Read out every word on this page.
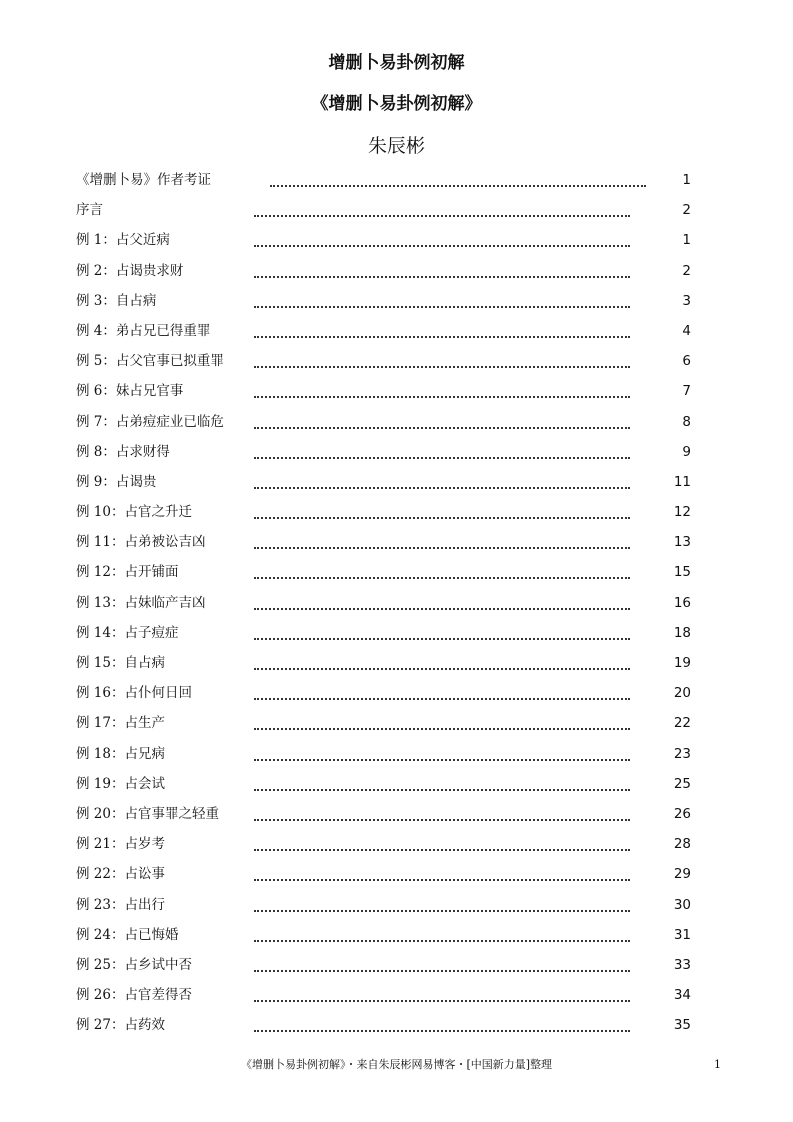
增删卜易卦例初解
《增删卜易卦例初解》
朱辰彬
《增删卜易》作者考证	1
序言	2
例 1：占父近病	1
例 2：占谒贵求财	2
例 3：自占病	3
例 4：弟占兄已得重罪	4
例 5：占父官事已拟重罪	6
例 6：妹占兄官事	7
例 7：占弟痘症业已临危	8
例 8：占求财得	9
例 9：占谒贵	11
例 10：占官之升迁	12
例 11：占弟被讼吉凶	13
例 12：占开铺面	15
例 13：占妹临产吉凶	16
例 14：占子痘症	18
例 15：自占病	19
例 16：占仆何日回	20
例 17：占生产	22
例 18：占兄病	23
例 19：占会试	25
例 20：占官事罪之轻重	26
例 21：占岁考	28
例 22：占讼事	29
例 23：占出行	30
例 24：占已悔婚	31
例 25：占乡试中否	33
例 26：占官差得否	34
例 27：占药效	35
《增删卜易卦例初解》・来自朱辰彬网易博客・[中国新力量]整理	1
